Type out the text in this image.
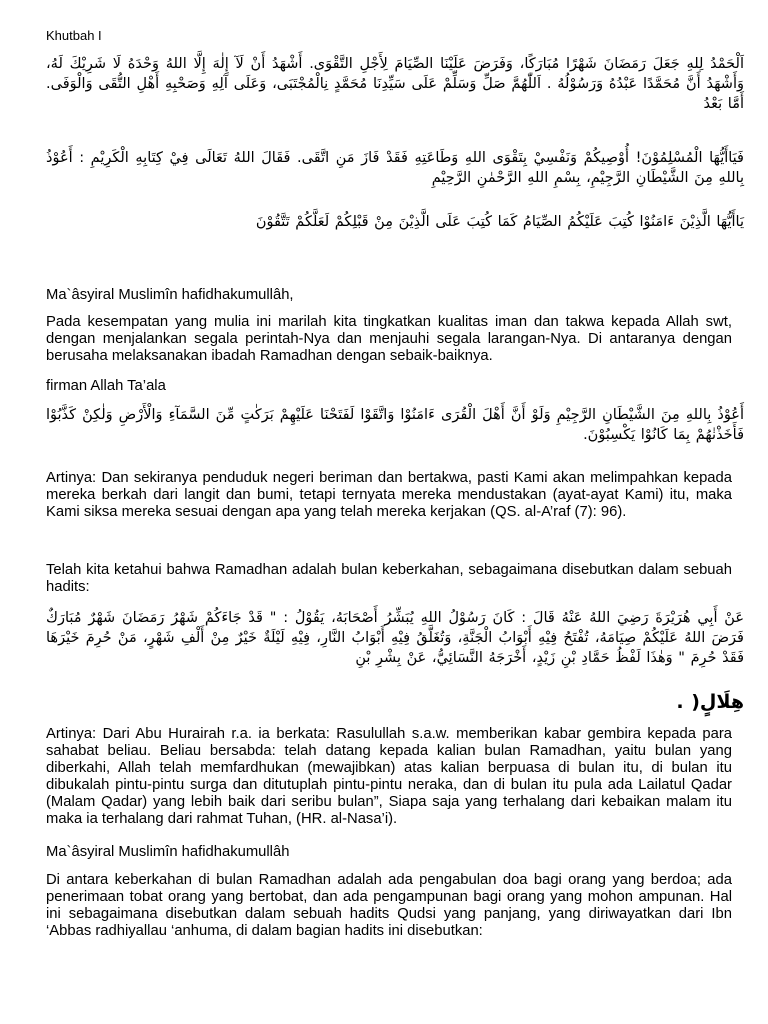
Khutbah I
اَلْحَمْدُ لِلهِ جَعَلَ رَمَضَانَ شَهْرًا مُبَارَكًا، وَفَرَضَ عَلَيْنَا الصِّيَامَ لِأَجْلِ التَّقْوَى. أَشْهَدُ أَنْ لَآ إِلٰهَ إِلَّا اللهُ وَحْدَهُ لَا شَرِيْكَ لَهُ، وَأَشْهَدُ أَنَّ مُحَمَّدًا عَبْدُهُ وَرَسُوْلُهُ . اَللّٰهُمَّ صَلِّ وَسَلِّمْ عَلَى سَيِّدِنَا مُحَمَّدٍ نِالْمُجْتَبَى، وَعَلَى آلِهِ وَصَحْبِهِ أَهْلِ التُّقَى وَالْوَفَى. أَمَّا بَعْدُ
فَيَاأَيُّهَا الْمُسْلِمُوْنَ! أُوْصِيكُمْ وَنَفْسِيْ بِتَقْوَى اللهِ وَطَاعَتِهِ فَقَدْ فَازَ مَنِ اتَّقَى. فَقَالَ اللهُ تَعَالَى فِيْ كِتَابِهِ الْكَرِيْمِ : أَعُوْذُ بِاللهِ مِنَ الشَّيْطَانِ الرَّجِيْمِ، بِسْمِ اللهِ الرَّحْمٰنِ الرَّحِيْمِ
يَاأَيُّهَا الَّذِيْنَ ءَامَنُوْا كُتِبَ عَلَيْكُمُ الصِّيَامُ كَمَا كُتِبَ عَلَى الَّذِيْنَ مِنْ قَبْلِكُمْ لَعَلَّكُمْ تَتَّقُوْنَ
Ma`âsyiral Muslimîn hafidhakumullâh,
Pada kesempatan yang mulia ini marilah kita tingkatkan kualitas iman dan takwa kepada Allah swt, dengan menjalankan segala perintah-Nya dan menjauhi segala larangan-Nya. Di antaranya dengan berusaha melaksanakan ibadah Ramadhan dengan sebaik-baiknya.
firman Allah Ta’ala
أَعُوْذُ بِاللهِ مِنَ الشَّيْطَانِ الرَّجِيْمِ وَلَوْ أَنَّ أَهْلَ الْقُرَى ءَامَنُوْا وَاتَّقَوْا لَفَتَحْنَا عَلَيْهِمْ بَرَكٰتٍ مِّنَ السَّمَآءِ وَالْأَرْضِ وَلٰكِنْ كَذَّبُوْا فَأَخَذْنٰهُمْ بِمَا كَانُوْا يَكْسِبُوْنَ.
Artinya: Dan sekiranya penduduk negeri beriman dan bertakwa, pasti Kami akan melimpahkan kepada mereka berkah dari langit dan bumi, tetapi ternyata mereka mendustakan (ayat-ayat Kami) itu, maka Kami siksa mereka sesuai dengan apa yang telah mereka kerjakan (QS. al-A’raf (7): 96).
Telah kita ketahui bahwa Ramadhan adalah bulan keberkahan, sebagaimana disebutkan dalam sebuah hadits:
عَنْ أَبِي هُرَيْرَةَ رَضِيَ اللهُ عَنْهُ قَالَ : كَانَ رَسُوْلُ اللهِ يُبَشِّرُ أَصْحَابَهُ، يَقُوْلُ : " قَدْ جَاءَكُمْ شَهْرُ رَمَضَانَ شَهْرٌ مُبَارَكٌ فَرَضَ اللهُ عَلَيْكُمْ صِيَامَهُ، تُفْتَحُ فِيْهِ أَبْوَابُ الْجَنَّةِ، وَتُغَلَّقُ فِيْهِ أَبْوَابُ النَّارِ، فِيْهِ لَيْلَةٌ خَيْرٌ مِنْ أَلْفِ شَهْرٍ، مَنْ حُرِمَ خَيْرَهَا فَقَدْ حُرِمَ " وَهٰذَا لَفْظُ حَمَّادِ بْنِ زَيْدٍ، أَخْرَجَهُ النَّسَائِيُّ، عَنْ بِشْرِ بْنِ
هِلَالٍ( .
Artinya: Dari Abu Hurairah r.a. ia berkata: Rasulullah s.a.w. memberikan kabar gembira kepada para sahabat beliau. Beliau bersabda: telah datang kepada kalian bulan Ramadhan, yaitu bulan yang diberkahi, Allah telah memfardhukan (mewajibkan) atas kalian berpuasa di bulan itu, di bulan itu dibukalah pintu-pintu surga dan ditutuplah pintu-pintu neraka, dan di bulan itu pula ada Lailatul Qadar (Malam Qadar) yang lebih baik dari seribu bulan”, Siapa saja yang terhalang dari kebaikan malam itu maka ia terhalang dari rahmat Tuhan, (HR. al-Nasa’i).
Ma`âsyiral Muslimîn hafidhakumullâh
Di antara keberkahan di bulan Ramadhan adalah ada pengabulan doa bagi orang yang berdoa; ada penerimaan tobat orang yang bertobat, dan ada pengampunan bagi orang yang mohon ampunan. Hal ini sebagaimana disebutkan dalam sebuah hadits Qudsi yang panjang, yang diriwayatkan dari Ibn ‘Abbas radhiyallau ‘anhuma, di dalam bagian hadits ini disebutkan:
